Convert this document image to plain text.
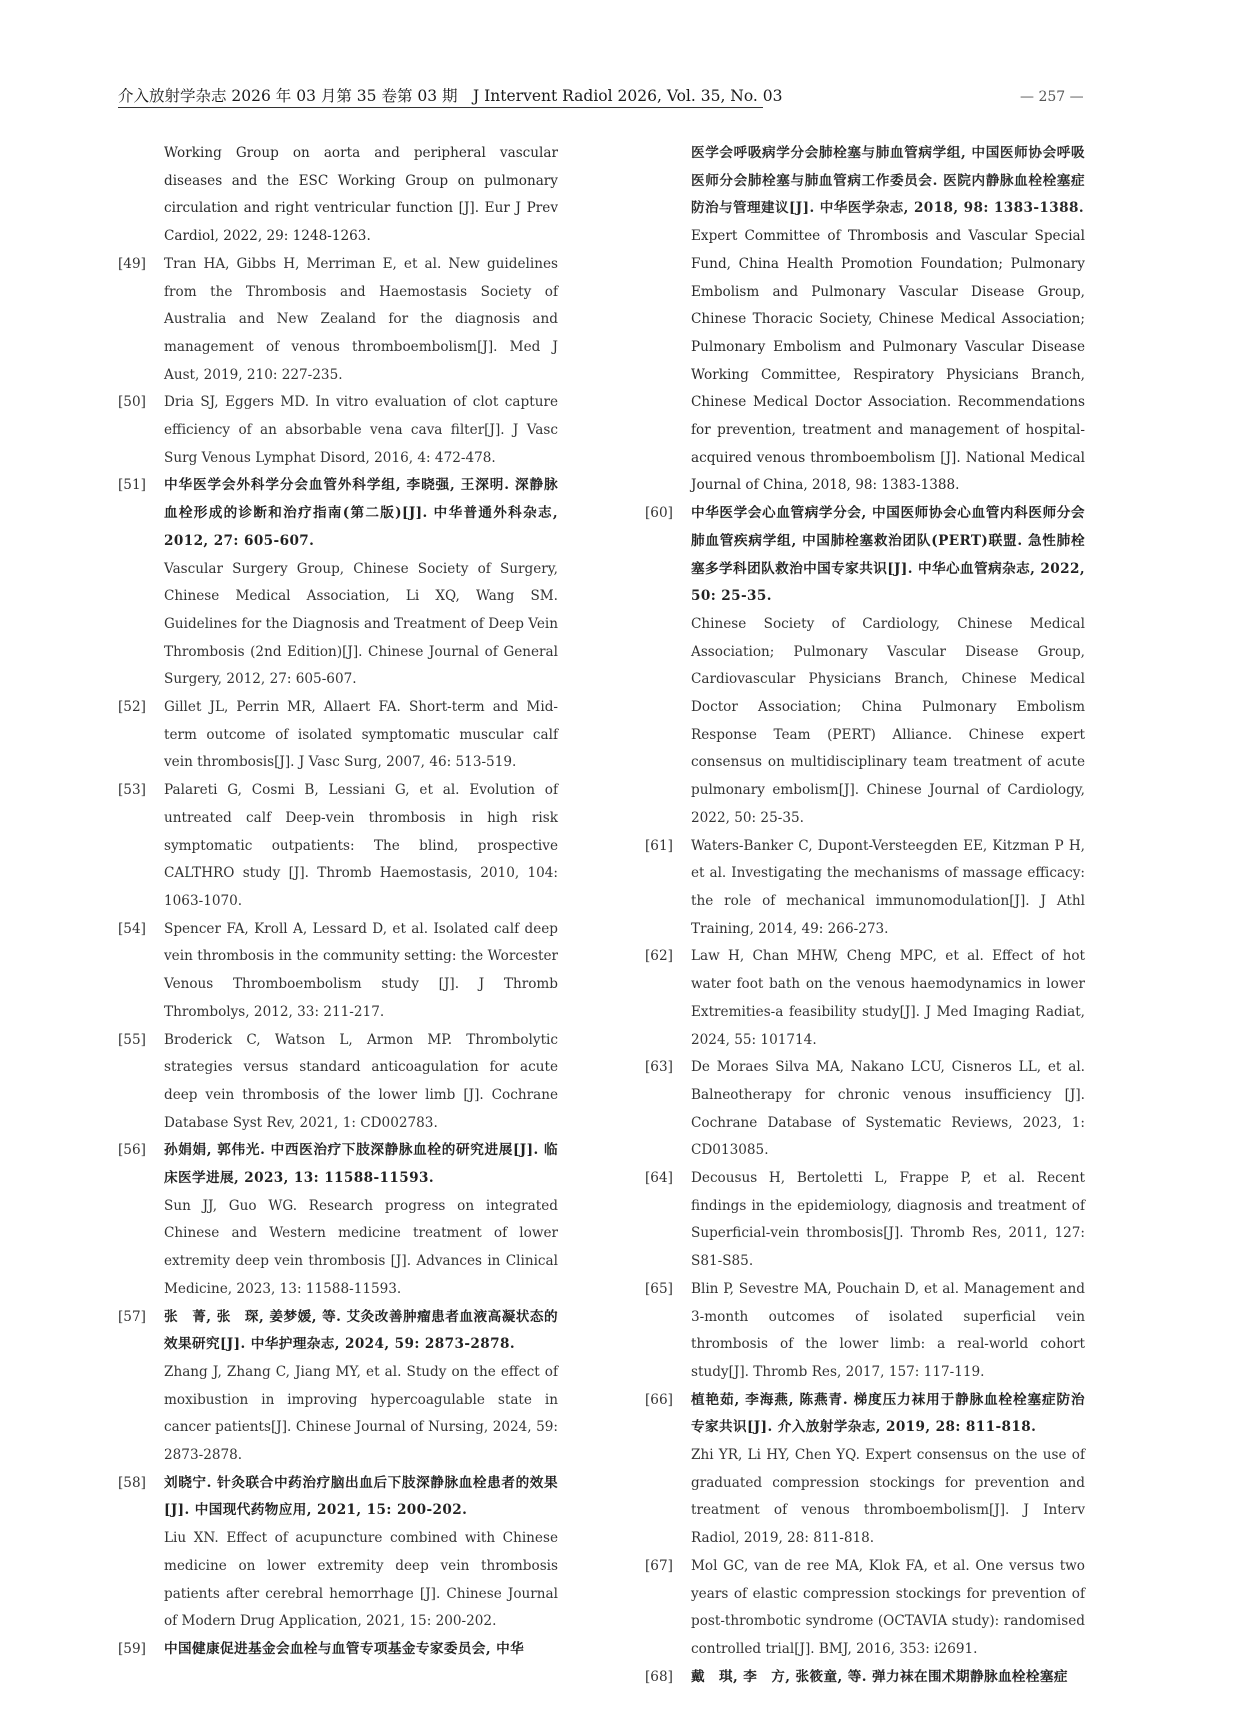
介入放射学杂志 2026 年 03 月第 35 卷第 03 期　J Intervent Radiol 2026, Vol. 35, No. 03	— 257 —

Working Group on aorta and peripheral vascular diseases and the ESC Working Group on pulmonary circulation and right ventricular function [J]. Eur J Prev Cardiol, 2022, 29: 1248-1263.

[49] Tran HA, Gibbs H, Merriman E, et al. New guidelines from the Thrombosis and Haemostasis Society of Australia and New Zealand for the diagnosis and management of venous thromboembolism[J]. Med J Aust, 2019, 210: 227-235.

[50] Dria SJ, Eggers MD. In vitro evaluation of clot capture efficiency of an absorbable vena cava filter[J]. J Vasc Surg Venous Lymphat Disord, 2016, 4: 472-478.

[51] 中华医学会外科学分会血管外科学组, 李晓强, 王深明. 深静脉血栓形成的诊断和治疗指南(第二版)[J]. 中华普通外科杂志, 2012, 27: 605-607.

Vascular Surgery Group, Chinese Society of Surgery, Chinese Medical Association, Li XQ, Wang SM. Guidelines for the Diagnosis and Treatment of Deep Vein Thrombosis (2nd Edition)[J]. Chinese Journal of General Surgery, 2012, 27: 605-607.

[52] Gillet JL, Perrin MR, Allaert FA. Short-term and Mid-term outcome of isolated symptomatic muscular calf vein thrombosis[J]. J Vasc Surg, 2007, 46: 513-519.

[53] Palareti G, Cosmi B, Lessiani G, et al. Evolution of untreated calf Deep-vein thrombosis in high risk symptomatic outpatients: The blind, prospective CALTHRO study [J]. Thromb Haemostasis, 2010, 104: 1063-1070.

[54] Spencer FA, Kroll A, Lessard D, et al. Isolated calf deep vein thrombosis in the community setting: the Worcester Venous Thromboembolism study [J]. J Thromb Thrombolys, 2012, 33: 211-217.

[55] Broderick C, Watson L, Armon MP. Thrombolytic strategies versus standard anticoagulation for acute deep vein thrombosis of the lower limb [J]. Cochrane Database Syst Rev, 2021, 1: CD002783.

[56] 孙娟娟, 郭伟光. 中西医治疗下肢深静脉血栓的研究进展[J]. 临床医学进展, 2023, 13: 11588-11593.

Sun JJ, Guo WG. Research progress on integrated Chinese and Western medicine treatment of lower extremity deep vein thrombosis [J]. Advances in Clinical Medicine, 2023, 13: 11588-11593.

[57] 张　菁, 张　琛, 姜梦媛, 等. 艾灸改善肿瘤患者血液高凝状态的效果研究[J]. 中华护理杂志, 2024, 59: 2873-2878.

Zhang J, Zhang C, Jiang MY, et al. Study on the effect of moxibustion in improving hypercoagulable state in cancer patients[J]. Chinese Journal of Nursing, 2024, 59: 2873-2878.

[58] 刘晓宁. 针灸联合中药治疗脑出血后下肢深静脉血栓患者的效果[J]. 中国现代药物应用, 2021, 15: 200-202.

Liu XN. Effect of acupuncture combined with Chinese medicine on lower extremity deep vein thrombosis patients after cerebral hemorrhage [J]. Chinese Journal of Modern Drug Application, 2021, 15: 200-202.

[59] 中国健康促进基金会血栓与血管专项基金专家委员会, 中华

医学会呼吸病学分会肺栓塞与肺血管病学组, 中国医师协会呼吸医师分会肺栓塞与肺血管病工作委员会. 医院内静脉血栓栓塞症防治与管理建议[J]. 中华医学杂志, 2018, 98: 1383-1388.

Expert Committee of Thrombosis and Vascular Special Fund, China Health Promotion Foundation; Pulmonary Embolism and Pulmonary Vascular Disease Group, Chinese Thoracic Society, Chinese Medical Association; Pulmonary Embolism and Pulmonary Vascular Disease Working Committee, Respiratory Physicians Branch, Chinese Medical Doctor Association. Recommendations for prevention, treatment and management of hospital-acquired venous thromboembolism [J]. National Medical Journal of China, 2018, 98: 1383-1388.

[60] 中华医学会心血管病学分会, 中国医师协会心血管内科医师分会肺血管疾病学组, 中国肺栓塞救治团队(PERT)联盟. 急性肺栓塞多学科团队救治中国专家共识[J]. 中华心血管病杂志, 2022, 50: 25-35.

Chinese Society of Cardiology, Chinese Medical Association; Pulmonary Vascular Disease Group, Cardiovascular Physicians Branch, Chinese Medical Doctor Association; China Pulmonary Embolism Response Team (PERT) Alliance. Chinese expert consensus on multidisciplinary team treatment of acute pulmonary embolism[J]. Chinese Journal of Cardiology, 2022, 50: 25-35.

[61] Waters-Banker C, Dupont-Versteegden EE, Kitzman P H, et al. Investigating the mechanisms of massage efficacy: the role of mechanical immunomodulation[J]. J Athl Training, 2014, 49: 266-273.

[62] Law H, Chan MHW, Cheng MPC, et al. Effect of hot water foot bath on the venous haemodynamics in lower Extremities-a feasibility study[J]. J Med Imaging Radiat, 2024, 55: 101714.

[63] De Moraes Silva MA, Nakano LCU, Cisneros LL, et al. Balneotherapy for chronic venous insufficiency [J]. Cochrane Database of Systematic Reviews, 2023, 1: CD013085.

[64] Decousus H, Bertoletti L, Frappe P, et al. Recent findings in the epidemiology, diagnosis and treatment of Superficial-vein thrombosis[J]. Thromb Res, 2011, 127: S81-S85.

[65] Blin P, Sevestre MA, Pouchain D, et al. Management and 3-month outcomes of isolated superficial vein thrombosis of the lower limb: a real-world cohort study[J]. Thromb Res, 2017, 157: 117-119.

[66] 植艳茹, 李海燕, 陈燕青. 梯度压力袜用于静脉血栓栓塞症防治专家共识[J]. 介入放射学杂志, 2019, 28: 811-818.

Zhi YR, Li HY, Chen YQ. Expert consensus on the use of graduated compression stockings for prevention and treatment of venous thromboembolism[J]. J Interv Radiol, 2019, 28: 811-818.

[67] Mol GC, van de ree MA, Klok FA, et al. One versus two years of elastic compression stockings for prevention of post-thrombotic syndrome (OCTAVIA study): randomised controlled trial[J]. BMJ, 2016, 353: i2691.

[68] 戴　琪, 李　方, 张筱童, 等. 弹力袜在围术期静脉血栓栓塞症
